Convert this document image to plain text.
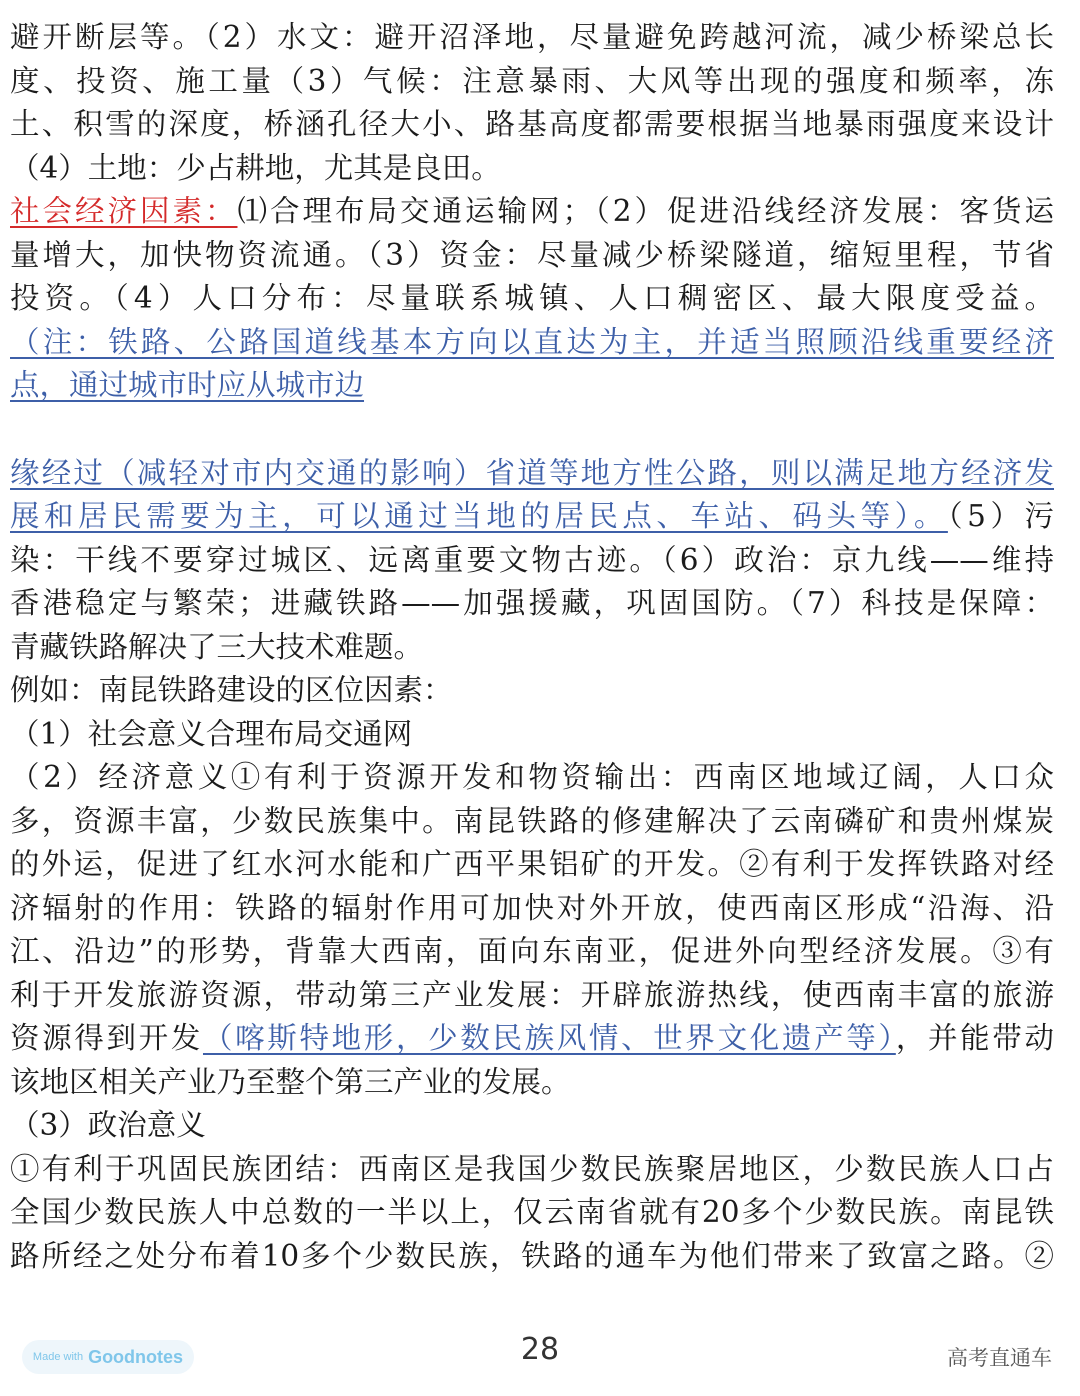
避开断层等。（2）水文：避开沼泽地，尽量避免跨越河流，减少桥梁总长

度、投资、施工量（3）气候：注意暴雨、大风等出现的强度和频率，冻

土、积雪的深度，桥涵孔径大小、路基高度都需要根据当地暴雨强度来设计

（4）土地：少占耕地，尤其是良田。

社会经济因素：⑴合理布局交通运输网；（2）促进沿线经济发展：客货运

量增大，加快物资流通。（3）资金：尽量减少桥梁隧道，缩短里程，节省

投资。（4）人口分布：尽量联系城镇、人口稠密区、最大限度受益。

（注：铁路、公路国道线基本方向以直达为主，并适当照顾沿线重要经济

点，通过城市时应从城市边

缘经过（减轻对市内交通的影响）省道等地方性公路，则以满足地方经济发

展和居民需要为主，可以通过当地的居民点、车站、码头等）。（5）污

染：干线不要穿过城区、远离重要文物古迹。（6）政治：京九线——维持

香港稳定与繁荣；进藏铁路——加强援藏，巩固国防。（7）科技是保障：

青藏铁路解决了三大技术难题。

例如：南昆铁路建设的区位因素：

（1）社会意义合理布局交通网

（2）经济意义①有利于资源开发和物资输出：西南区地域辽阔，人口众

多，资源丰富，少数民族集中。南昆铁路的修建解决了云南磷矿和贵州煤炭

的外运，促进了红水河水能和广西平果铝矿的开发。②有利于发挥铁路对经

济辐射的作用：铁路的辐射作用可加快对外开放，使西南区形成“沿海、沿

江、沿边”的形势，背靠大西南，面向东南亚，促进外向型经济发展。③有

利于开发旅游资源，带动第三产业发展：开辟旅游热线，使西南丰富的旅游

资源得到开发（喀斯特地形，少数民族风情、世界文化遗产等），并能带动

该地区相关产业乃至整个第三产业的发展。

（3）政治意义

①有利于巩固民族团结：西南区是我国少数民族聚居地区，少数民族人口占

全国少数民族人中总数的一半以上，仅云南省就有20多个少数民族。南昆铁

路所经之处分布着10多个少数民族，铁路的通车为他们带来了致富之路。②

Made with Goodnotes	28	高考直通车
